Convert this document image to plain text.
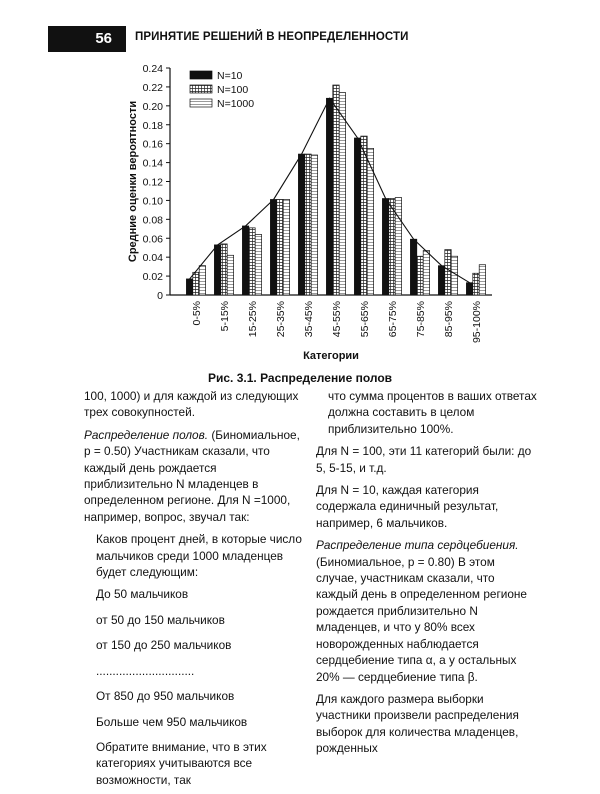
56	ПРИНЯТИЕ РЕШЕНИЙ В НЕОПРЕДЕЛЕННОСТИ
0
0.02
0.04
0.06
0.08
0.10
0.12
0.14
0.16
0.18
0.20
0.22
0.24
Средние оценки вероятности
0-5% 5-15% 15-25% 25-35% 35-45% 45-55% 55-65% 65-75% 75-85% 85-95% 95-100%
Категории
N=10
N=100
N=1000
Рис. 3.1. Распределение полов

100, 1000) и для каждой из следующих трех совокупностей.

Распределение полов. (Биномиальное, p = 0.50) Участникам сказали, что каждый день рождается приблизительно N младенцев в определенном регионе. Для N =1000, например, вопрос, звучал так:

Каков процент дней, в которые число мальчиков среди 1000 младенцев будет следующим:

До 50 мальчиков

от 50 до 150 мальчиков

от 150 до 250 мальчиков

..............................

От 850 до 950 мальчиков

Больше чем 950 мальчиков

Обратите внимание, что в этих категориях учитываются все возможности, так

что сумма процентов в ваших ответах должна составить в целом приблизительно 100%.

Для N = 100, эти 11 категорий были: до 5, 5-15, и т.д.

Для N = 10, каждая категория содержала единичный результат, например, 6 мальчиков.

Распределение типа сердцебиения. (Биномиальное, p = 0.80) В этом случае, участникам сказали, что каждый день в определенном регионе рождается приблизительно N младенцев, и что у 80% всех новорожденных наблюдается сердцебиение типа α, а у остальных 20% — сердцебиение типа β.

Для каждого размера выборки участники произвели распределения выборок для количества младенцев, рожденных
